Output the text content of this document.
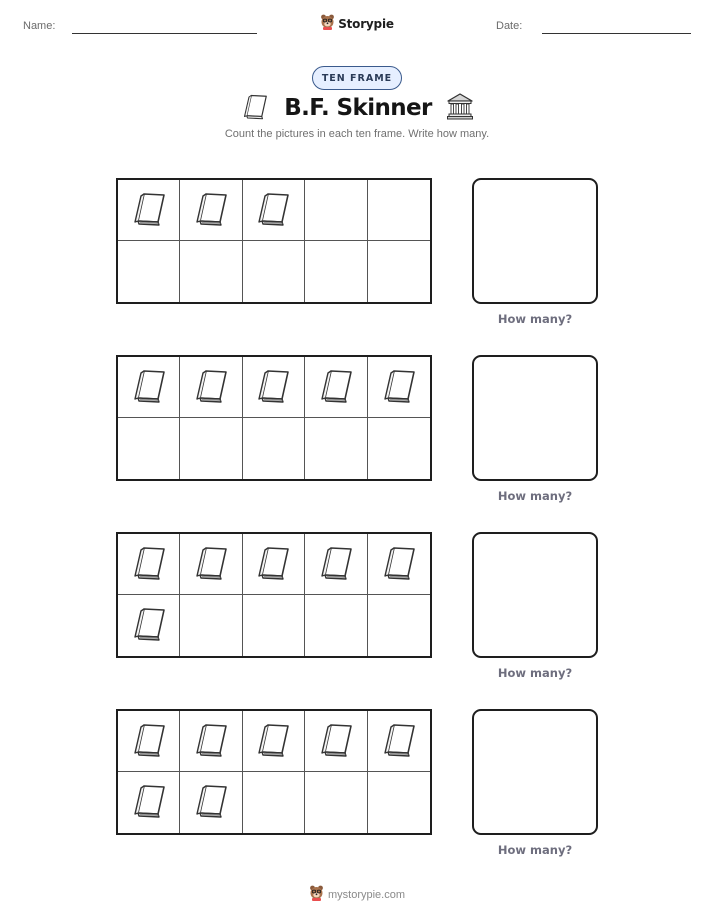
Name:	Storypie	Date:
TEN FRAME
B.F. Skinner
Count the pictures in each ten frame. Write how many.
How many?
How many?
How many?
How many?
mystorypie.com
